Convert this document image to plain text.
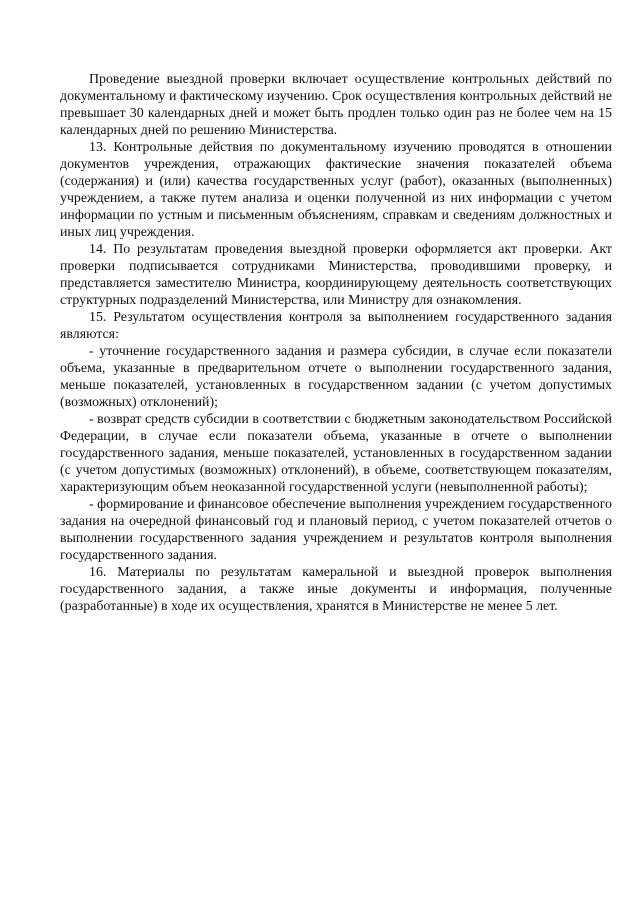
Проведение выездной проверки включает осуществление контрольных действий по документальному и фактическому изучению. Срок осуществления контрольных действий не превышает 30 календарных дней и может быть продлен только один раз не более чем на 15 календарных дней по решению Министерства.

13. Контрольные действия по документальному изучению проводятся в отношении документов учреждения, отражающих фактические значения показателей объема (содержания) и (или) качества государственных услуг (работ), оказанных (выполненных) учреждением, а также путем анализа и оценки полученной из них информации с учетом информации по устным и письменным объяснениям, справкам и сведениям должностных и иных лиц учреждения.

14. По результатам проведения выездной проверки оформляется акт проверки. Акт проверки подписывается сотрудниками Министерства, проводившими проверку, и представляется заместителю Министра, координирующему деятельность соответствующих структурных подразделений Министерства, или Министру для ознакомления.

15. Результатом осуществления контроля за выполнением государственного задания являются:

- уточнение государственного задания и размера субсидии, в случае если показатели объема, указанные в предварительном отчете о выполнении государственного задания, меньше показателей, установленных в государственном задании (с учетом допустимых (возможных) отклонений);

- возврат средств субсидии в соответствии с бюджетным законодательством Российской Федерации, в случае если показатели объема, указанные в отчете о выполнении государственного задания, меньше показателей, установленных в государственном задании (с учетом допустимых (возможных) отклонений), в объеме, соответствующем показателям, характеризующим объем неоказанной государственной услуги (невыполненной работы);

- формирование и финансовое обеспечение выполнения учреждением государственного задания на очередной финансовый год и плановый период, с учетом показателей отчетов о выполнении государственного задания учреждением и результатов контроля выполнения государственного задания.

16. Материалы по результатам камеральной и выездной проверок выполнения государственного задания, а также иные документы и информация, полученные (разработанные) в ходе их осуществления, хранятся в Министерстве не менее 5 лет.
